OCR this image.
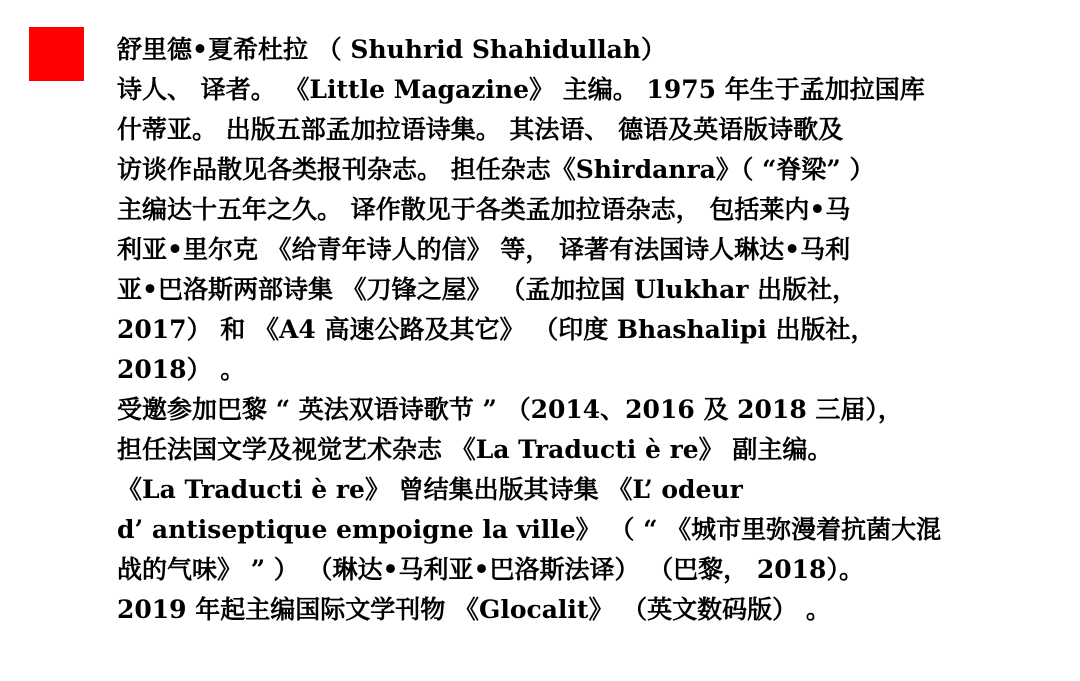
舒里德•夏希杜拉 （ Shuhrid Shahidullah）
诗人、 译者。 《Little Magazine》 主编。 1975 年生于孟加拉国库
什蒂亚。 出版五部孟加拉语诗集。 其法语、 德语及英语版诗歌及
访谈作品散见各类报刊杂志。 担任杂志《Shirdanra》（ “脊梁” ）
主编达十五年之久。 译作散见于各类孟加拉语杂志， 包括莱内•马
利亚•里尔克 《给青年诗人的信》 等， 译著有法国诗人琳达•马利
亚•巴洛斯两部诗集 《刀锋之屋》 （孟加拉国 Ulukhar 出版社，
2017） 和 《A4 高速公路及其它》 （印度 Bhashalipi 出版社，
2018） 。
受邀参加巴黎 “ 英法双语诗歌节 ” （2014、2016 及 2018 三届），
担任法国文学及视觉艺术杂志 《La Traducti è re》 副主编。
《La Traducti è re》 曾结集出版其诗集 《L’ odeur
d’ antiseptique empoigne la ville》 （ “ 《城市里弥漫着抗菌大混
战的气味》 ” ） （琳达•马利亚•巴洛斯法译） （巴黎， 2018）。
2019 年起主编国际文学刊物 《Glocalit》 （英文数码版） 。
